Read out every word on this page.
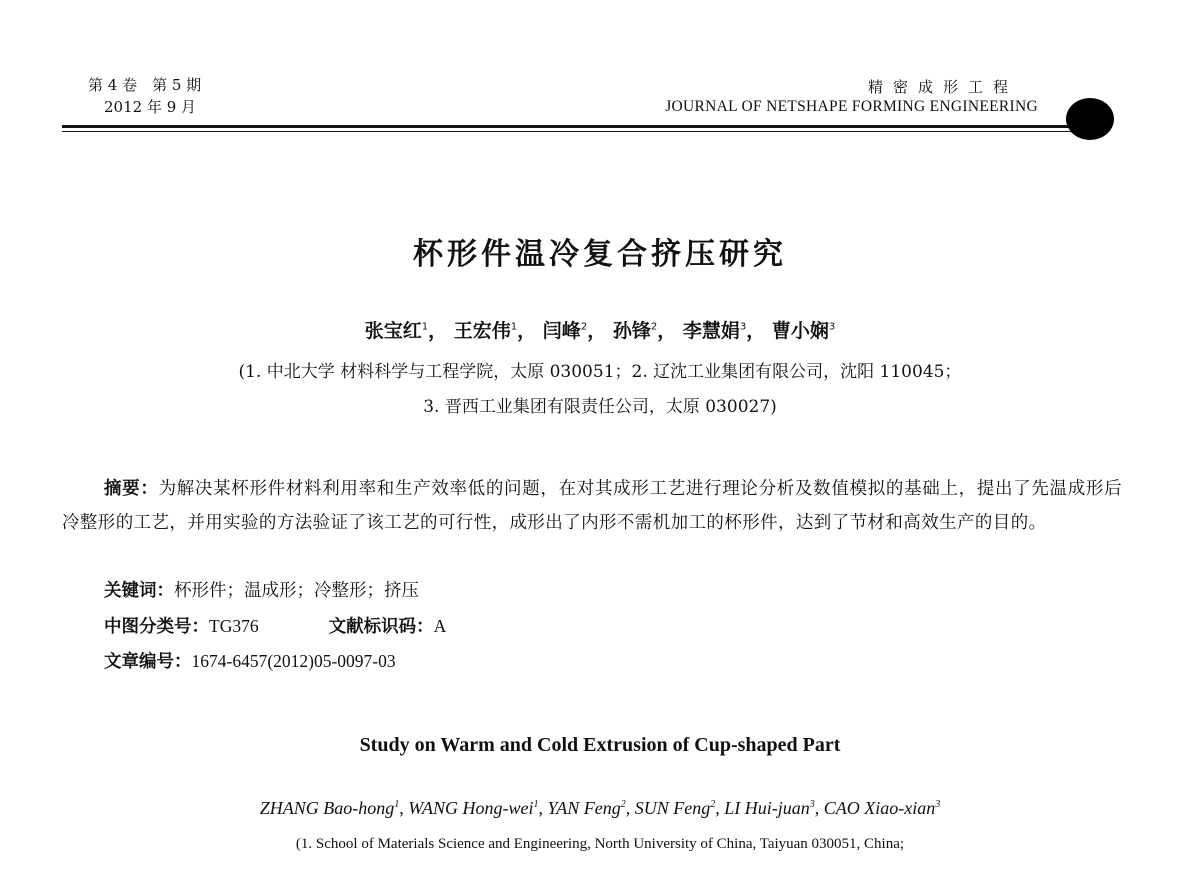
第 4 卷　第 5 期
2012 年 9 月
精密成形工程
JOURNAL OF NETSHAPE FORMING ENGINEERING
杯形件温冷复合挤压研究
张宝红$^1$， 王宏伟$^1$， 闫峰$^2$， 孙锋$^2$， 李慧娟$^3$， 曹小娴$^3$
(1. 中北大学 材料科学与工程学院，太原 030051；2. 辽沈工业集团有限公司，沈阳 110045；
3. 晋西工业集团有限责任公司，太原 030027)
摘要：为解决某杯形件材料利用率和生产效率低的问题，在对其成形工艺进行理论分析及数值模拟的基础上，提出了先温成形后冷整形的工艺，并用实验的方法验证了该工艺的可行性，成形出了内形不需机加工的杯形件，达到了节材和高效生产的目的。
关键词：杯形件；温成形；冷整形；挤压
中图分类号：TG376	文献标识码：A
文章编号：1674-6457(2012)05-0097-03
Study on Warm and Cold Extrusion of Cup-shaped Part
ZHANG Bao-hong$^1$, WANG Hong-wei$^1$, YAN Feng$^2$, SUN Feng$^2$, LI Hui-juan$^3$, CAO Xiao-xian$^3$
(1. School of Materials Science and Engineering, North University of China, Taiyuan 030051, China;
